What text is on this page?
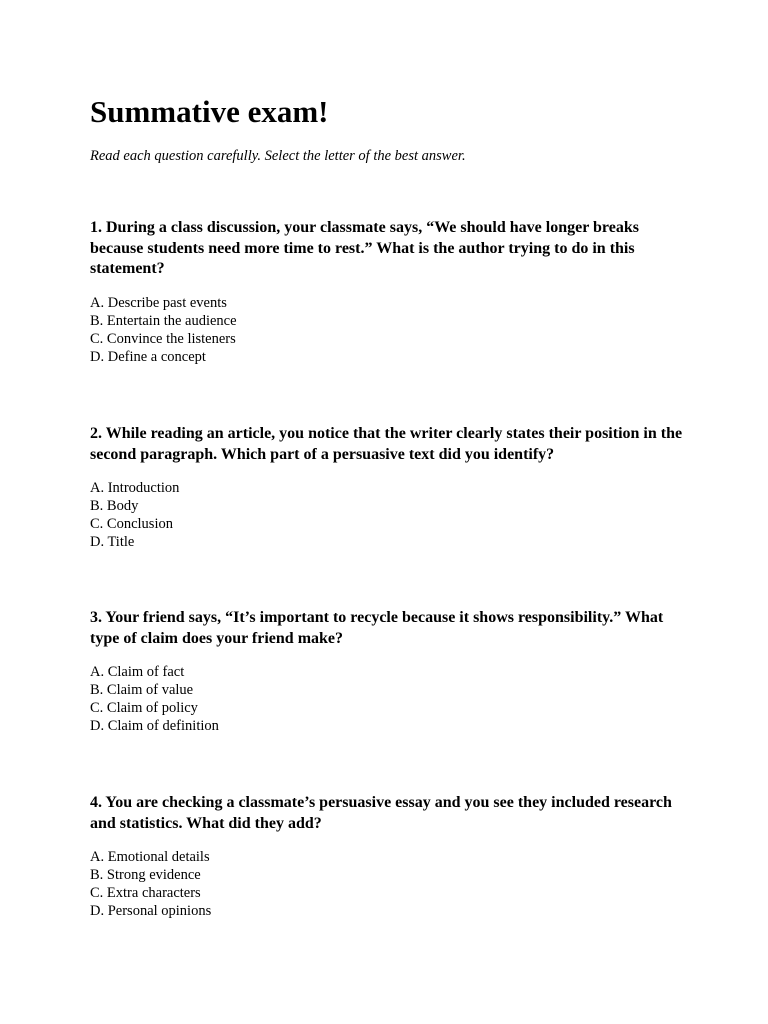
Summative exam!
Read each question carefully. Select the letter of the best answer.

1. During a class discussion, your classmate says, “We should have longer breaks because students need more time to rest.” What is the author trying to do in this statement?

A. Describe past events
B. Entertain the audience
C. Convince the listeners
D. Define a concept

2. While reading an article, you notice that the writer clearly states their position in the second paragraph. Which part of a persuasive text did you identify?

A. Introduction
B. Body
C. Conclusion
D. Title

3. Your friend says, “It’s important to recycle because it shows responsibility.” What type of claim does your friend make?

A. Claim of fact
B. Claim of value
C. Claim of policy
D. Claim of definition

4. You are checking a classmate’s persuasive essay and you see they included research and statistics. What did they add?

A. Emotional details
B. Strong evidence
C. Extra characters
D. Personal opinions
